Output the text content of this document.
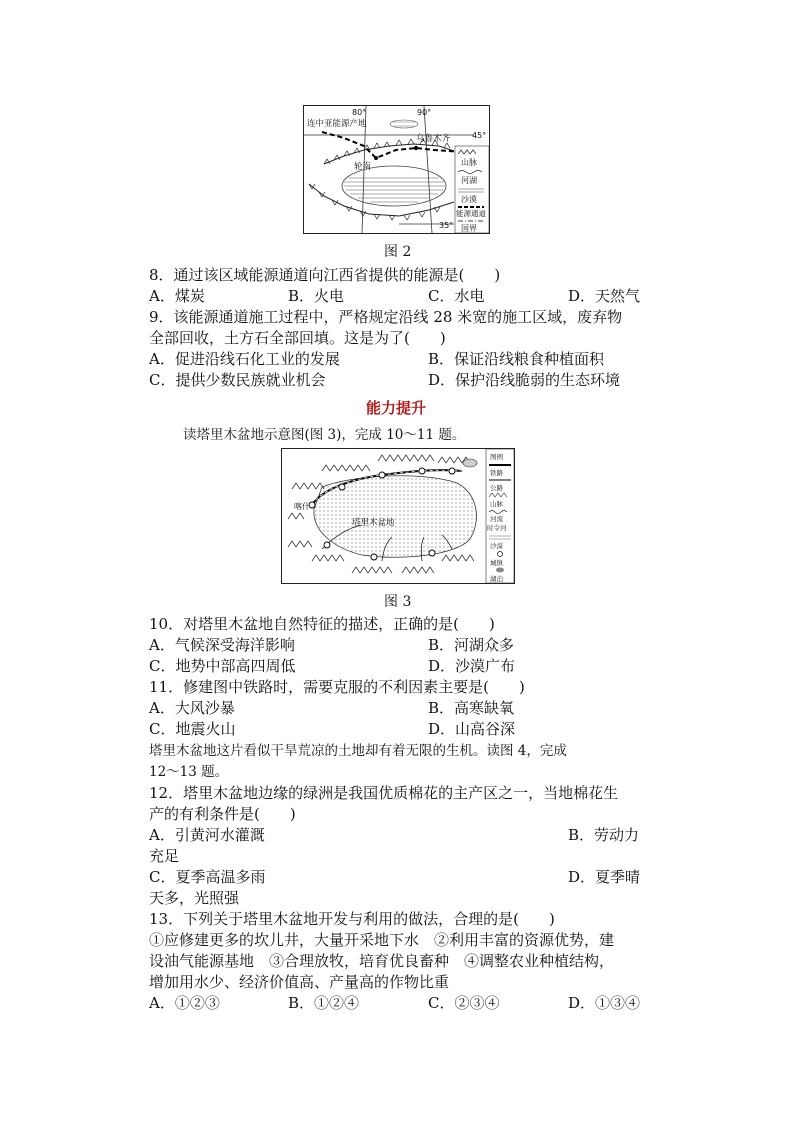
80°	90°
45°
35°
连中亚能源产地
乌鲁木齐
轮南	山脉
河湖
沙漠
能源通道
国界
图 2
8．通过该区域能源通道向江西省提供的能源是(　　)
A．煤炭	B．火电	C．水电	D．天然气
9．该能源通道施工过程中，严格规定沿线 28 米宽的施工区域，废弃物
全部回收，土方石全部回填。这是为了(　　)
A．促进沿线石化工业的发展	B．保证沿线粮食种植面积
C．提供少数民族就业机会	D．保护沿线脆弱的生态环境
能力提升
读塔里木盆地示意图(图 3)，完成 10～11 题。
塔里木盆地
喀什
图例
铁路
公路
山脉
河流
时令河
沙漠
城镇
湖泊
图 3
10．对塔里木盆地自然特征的描述，正确的是(　　)
A．气候深受海洋影响	B．河湖众多
C．地势中部高四周低	D．沙漠广布
11．修建图中铁路时，需要克服的不利因素主要是(　　)
A．大风沙暴	B．高寒缺氧
C．地震火山	D．山高谷深
塔里木盆地这片看似干旱荒凉的土地却有着无限的生机。读图 4，完成
12～13 题。
12．塔里木盆地边缘的绿洲是我国优质棉花的主产区之一，当地棉花生
产的有利条件是(　　)
A．引黄河水灌溉	B．劳动力
充足
C．夏季高温多雨	D．夏季晴
天多，光照强
13．下列关于塔里木盆地开发与利用的做法，合理的是(　　)
①应修建更多的坎儿井，大量开采地下水　②利用丰富的资源优势，建
设油气能源基地　③合理放牧，培育优良畜种　④调整农业种植结构，
增加用水少、经济价值高、产量高的作物比重
A．①②③	B．①②④	C．②③④	D．①③④
